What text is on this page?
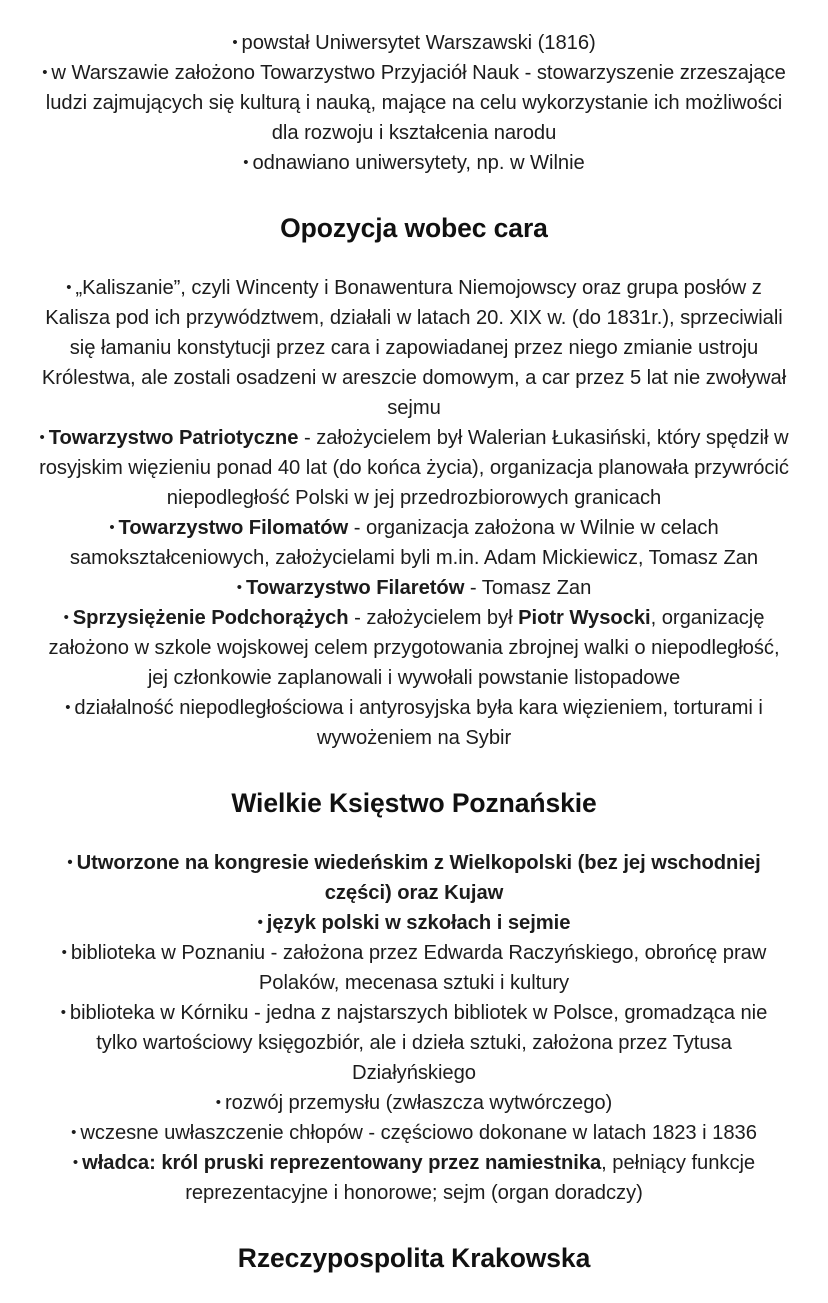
• powstał Uniwersytet Warszawski (1816)
• w Warszawie założono Towarzystwo Przyjaciół Nauk - stowarzyszenie zrzeszające ludzi zajmujących się kulturą i nauką, mające na celu wykorzystanie ich możliwości dla rozwoju i kształcenia narodu
• odnawiano uniwersytety, np. w Wilnie
Opozycja wobec cara
• „Kaliszanie”, czyli Wincenty i Bonawentura Niemojowscy oraz grupa posłów z Kalisza pod ich przywództwem, działali w latach 20. XIX w. (do 1831r.), sprzeciwiali się łamaniu konstytucji przez cara i zapowiadanej przez niego zmianie ustroju Królestwa, ale zostali osadzeni w areszcie domowym, a car przez 5 lat nie zwoływał sejmu
• Towarzystwo Patriotyczne - założycielem był Walerian Łukasiński, który spędził w rosyjskim więzieniu ponad 40 lat (do końca życia), organizacja planowała przywrócić niepodległość Polski w jej przedrozbiorowych granicach
• Towarzystwo Filomatów - organizacja założona w Wilnie w celach samokształceniowych, założycielami byli m.in. Adam Mickiewicz, Tomasz Zan
• Towarzystwo Filaretów - Tomasz Zan
• Sprzysiężenie Podchorążych - założycielem był Piotr Wysocki, organizację założono w szkole wojskowej celem przygotowania zbrojnej walki o niepodległość, jej członkowie zaplanowali i wywołali powstanie listopadowe
• działalność niepodległościowa i antyrosyjska była kara więzieniem, torturami i wywożeniem na Sybir
Wielkie Księstwo Poznańskie
• Utworzone na kongresie wiedeńskim z Wielkopolski (bez jej wschodniej części) oraz Kujaw
• język polski w szkołach i sejmie
• biblioteka w Poznaniu - założona przez Edwarda Raczyńskiego, obrońcę praw Polaków, mecenasa sztuki i kultury
• biblioteka w Kórniku - jedna z najstarszych bibliotek w Polsce, gromadząca nie tylko wartościowy księgozbiór, ale i dzieła sztuki, założona przez Tytusa Działyńskiego
• rozwój przemysłu (zwłaszcza wytwórczego)
• wczesne uwłaszczenie chłopów - częściowo dokonane w latach 1823 i 1836
• władca: król pruski reprezentowany przez namiestnika, pełniący funkcje reprezentacyjne i honorowe; sejm (organ doradczy)
Rzeczypospolita Krakowska
